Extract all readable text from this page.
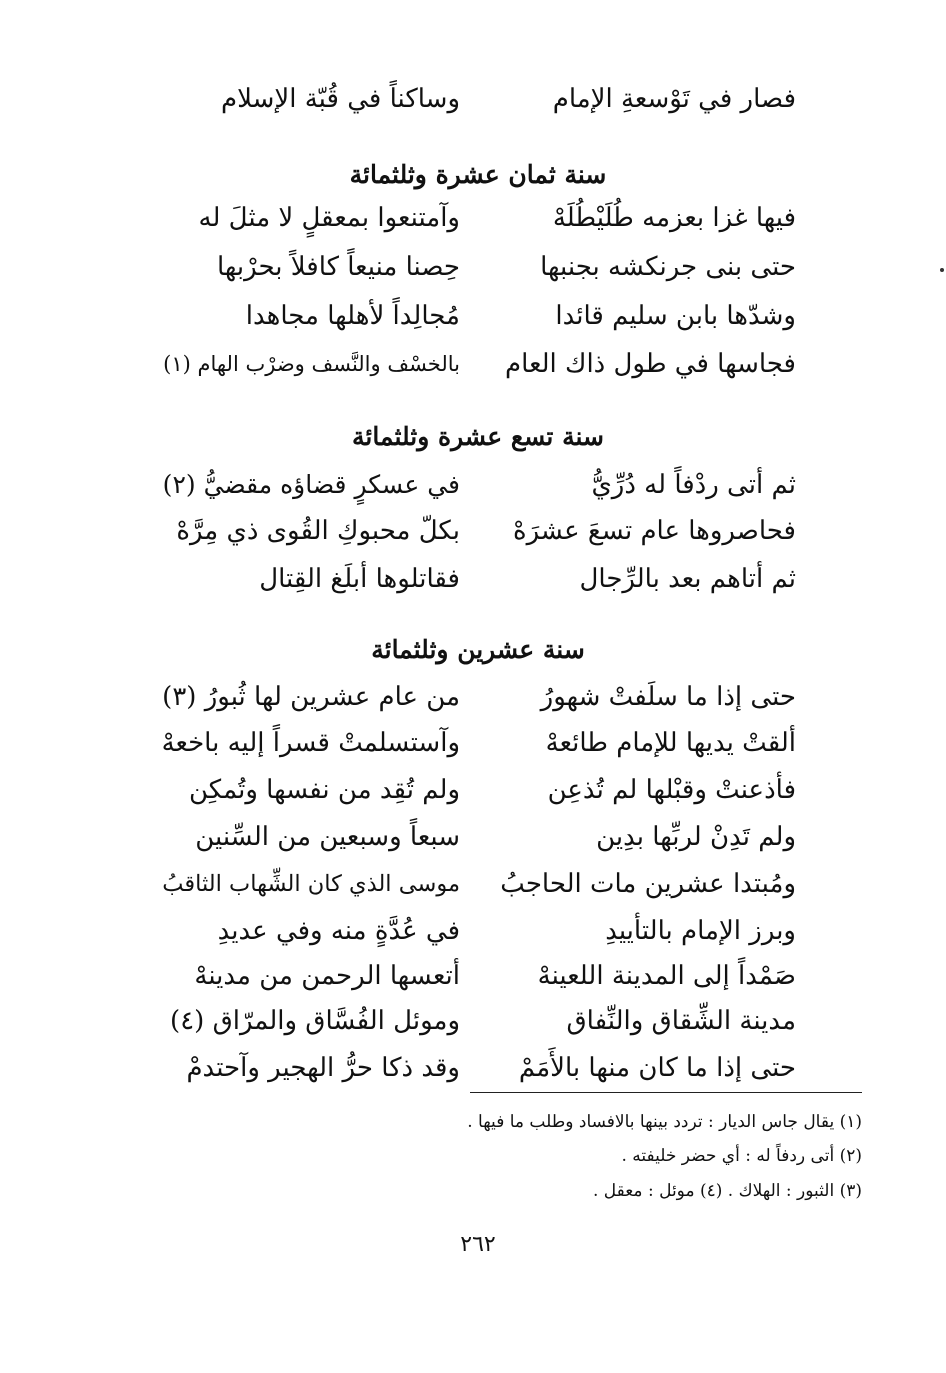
فصار في تَوْسعةِ الإمام
وساكناً في قُبّة الإسلام
سنة ثمان عشرة وثلثمائة
فيها غزا بعزمه طُلَيْطُلَهْ
وآمتنعوا بمعقلٍ لا مثلَ له
حتى بنى جرنكشه بجنبها
حِصنا منيعاً كافلاً بحرْبها
وشدّها بابن سليم قائدا
مُجالِداً لأهلها مجاهدا
فجاسها في طول ذاك العام
بالخسْف والنَّسف وضرْب الهام (١)
سنة تسع عشرة وثلثمائة
ثم أتى ردْفاً له دُرِّيُّ
في عسكرٍ قضاؤه مقضيُّ (٢)
فحاصروها عام تسعَ عشرَهْ
بكلّ محبوكِ القُوى ذي مِرَّهْ
ثم أتاهم بعد بالرِّجال
فقاتلوها أبلَغ القِتال
سنة عشرين وثلثمائة
حتى إذا ما سلَفتْ شهورُ
من عام عشرين لها ثُبورُ (٣)
ألقتْ يديها للإمام طائعهْ
وآستسلمتْ قسراً إليه باخعهْ
فأذعنتْ وقبْلها لم تُذعِن
ولم تُقِد من نفسها وتُمكِن
ولم تَدِنْ لربِّها بدِين
سبعاً وسبعين من السِّنين
ومُبتدا عشرين مات الحاجبُ
موسى الذي كان الشِّهاب الثاقبُ
وبرز الإمام بالتأييدِ
في عُدَّةٍ منه وفي عديدِ
صَمْداً إلى المدينة اللعينهْ
أتعسها الرحمن من مدينهْ
مدينة الشِّقاق والنِّفاق
وموئل الفُسَّاق والمرّاق (٤)
حتى إذا ما كان منها بالأَمَمْ
وقد ذكا حرُّ الهجير وآحتدمْ
(١) يقال جاس الديار : تردد بينها بالافساد وطلب ما فيها .
(٢) أتى ردفاً له : أي حضر خليفته .
(٣) الثبور : الهلاك . (٤) موئل : معقل .
٢٦٢
